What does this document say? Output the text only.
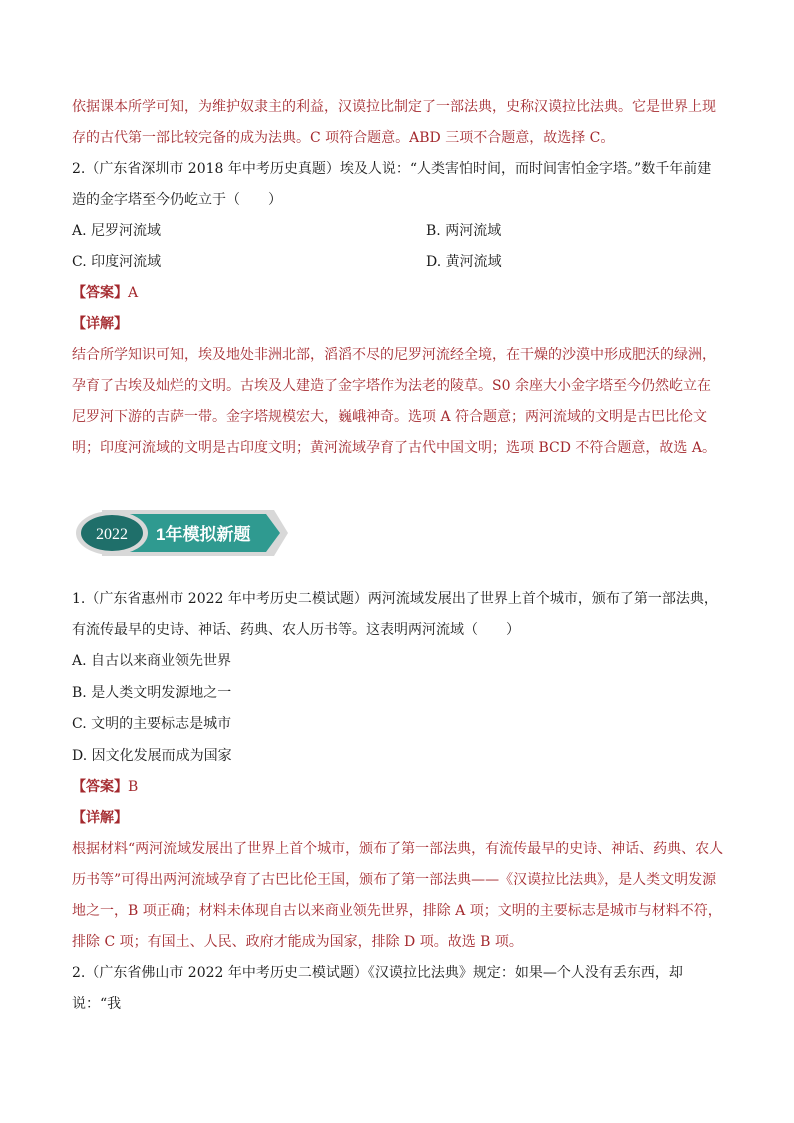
依据课本所学可知，为维护奴隶主的利益，汉谟拉比制定了一部法典，史称汉谟拉比法典。它是世界上现存的古代第一部比较完备的成为法典。C 项符合题意。ABD 三项不合题意，故选择 C。

2.（广东省深圳市 2018 年中考历史真题）埃及人说：“人类害怕时间，而时间害怕金字塔。”数千年前建造的金字塔至今仍屹立于（　　）

A. 尼罗河流域	B. 两河流域
C. 印度河流域	D. 黄河流域

【答案】A

【详解】

结合所学知识可知，埃及地处非洲北部，滔滔不尽的尼罗河流经全境，在干燥的沙漠中形成肥沃的绿洲，孕育了古埃及灿烂的文明。古埃及人建造了金字塔作为法老的陵草。S0 余座大小金字塔至今仍然屹立在尼罗河下游的吉萨一带。金字塔规模宏大，巍峨神奇。选项 A 符合题意；两河流域的文明是古巴比伦文明；印度河流域的文明是古印度文明；黄河流域孕育了古代中国文明；选项 BCD 不符合题意，故选 A。

2022 1年模拟新题

1.（广东省惠州市 2022 年中考历史二模试题）两河流域发展出了世界上首个城市，颁布了第一部法典，有流传最早的史诗、神话、药典、农人历书等。这表明两河流域（　　）

A. 自古以来商业领先世界
B. 是人类文明发源地之一
C. 文明的主要标志是城市
D. 因文化发展而成为国家

【答案】B

【详解】

根据材料“两河流域发展出了世界上首个城市，颁布了第一部法典，有流传最早的史诗、神话、药典、农人历书等”可得出两河流域孕育了古巴比伦王国，颁布了第一部法典——《汉谟拉比法典》，是人类文明发源地之一，B 项正确；材料未体现自古以来商业领先世界，排除 A 项；文明的主要标志是城市与材料不符，排除 C 项；有国土、人民、政府才能成为国家，排除 D 项。故选 B 项。

2.（广东省佛山市 2022 年中考历史二模试题）《汉谟拉比法典》规定：如果—个人没有丢东西，却说：“我
